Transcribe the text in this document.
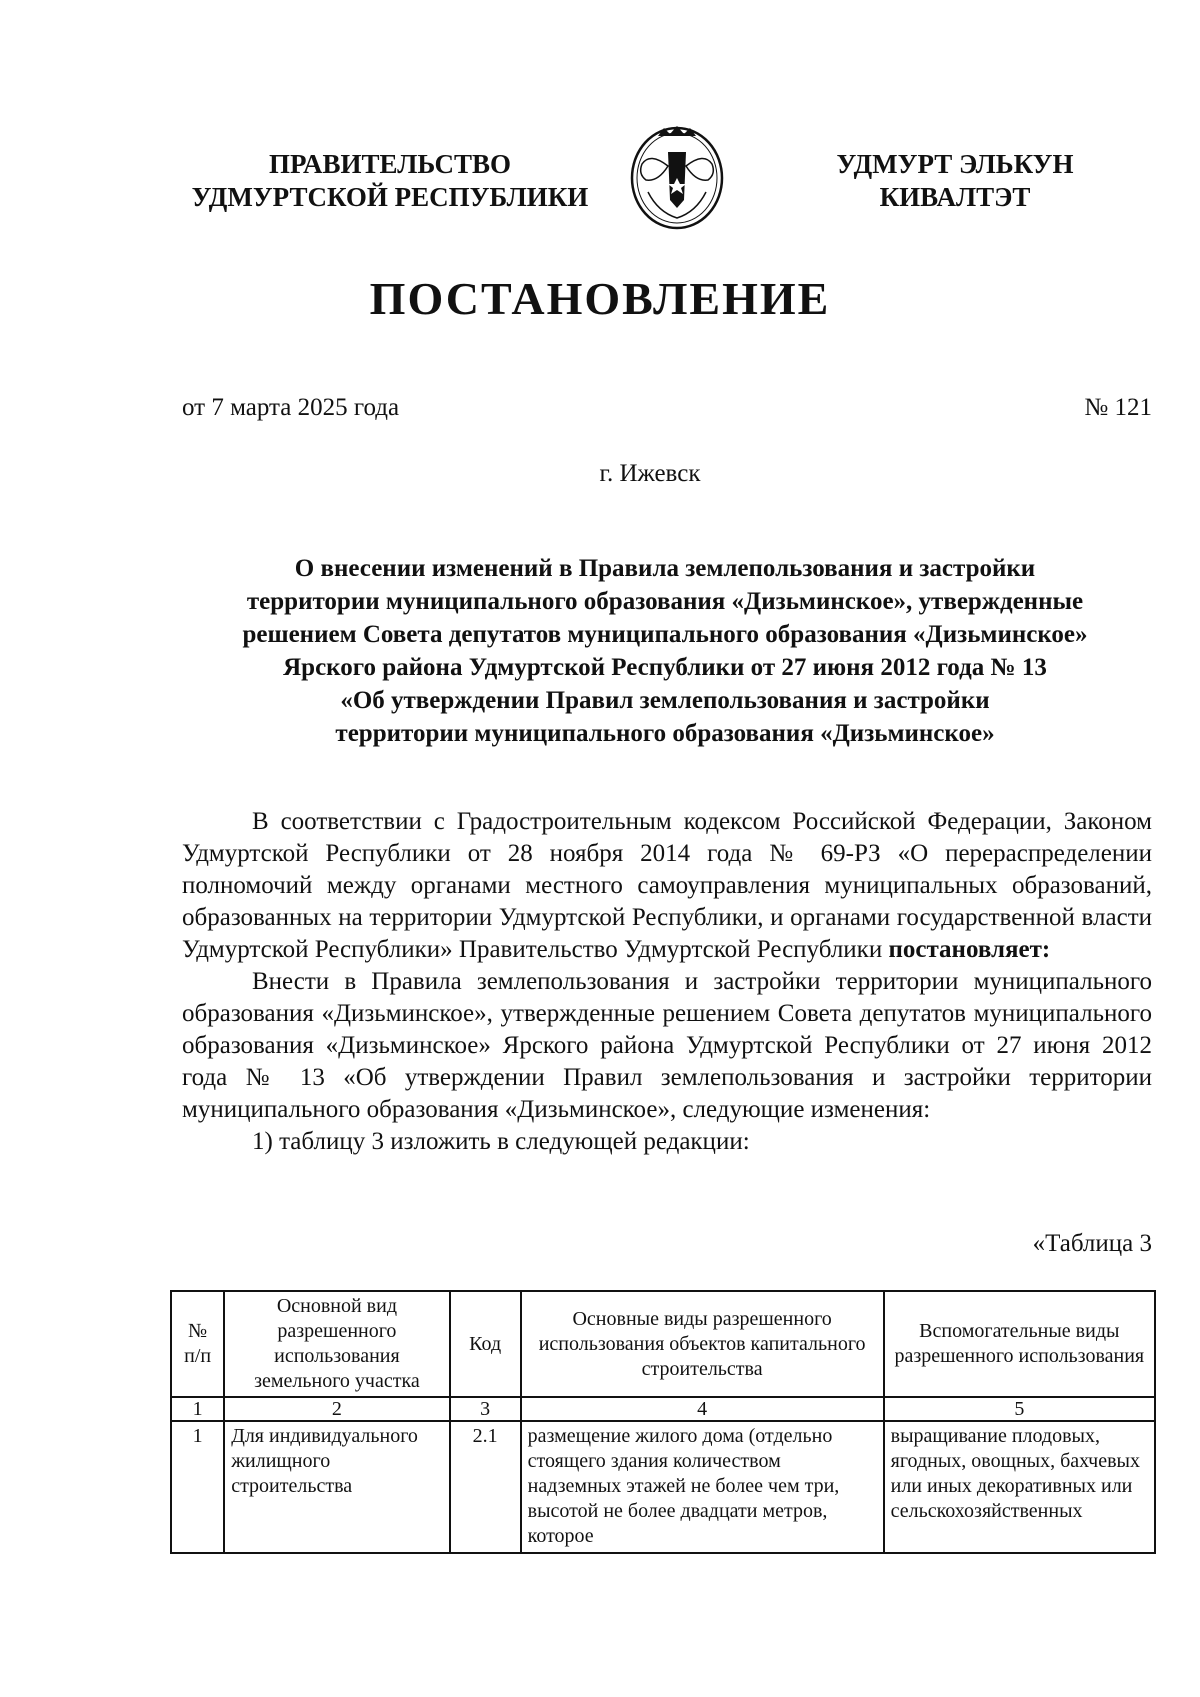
ПРАВИТЕЛЬСТВО
УДМУРТСКОЙ РЕСПУБЛИКИ
УДМУРТ ЭЛЬКУН
КИВАЛТЭТ
ПОСТАНОВЛЕНИЕ
от 7 марта 2025 года	№ 121
г. Ижевск
О внесении изменений в Правила землепользования и застройки
территории муниципального образования «Дизьминское», утвержденные
решением Совета депутатов муниципального образования «Дизьминское»
Ярского района Удмуртской Республики от 27 июня 2012 года № 13
«Об утверждении Правил землепользования и застройки
территории муниципального образования «Дизьминское»

В соответствии с Градостроительным кодексом Российской Федерации, Законом Удмуртской Республики от 28 ноября 2014 года № 69-РЗ «О перераспределении полномочий между органами местного самоуправления муниципальных образований, образованных на территории Удмуртской Республики, и органами государственной власти Удмуртской Республики» Правительство Удмуртской Республики постановляет:

Внести в Правила землепользования и застройки территории муниципального образования «Дизьминское», утвержденные решением Совета депутатов муниципального образования «Дизьминское» Ярского района Удмуртской Республики от 27 июня 2012 года № 13 «Об утверждении Правил землепользования и застройки территории муниципального образования «Дизьминское», следующие изменения:

1) таблицу 3 изложить в следующей редакции:

«Таблица 3
№ п/п	Основной вид разрешенного использования земельного участка	Код	Основные виды разрешенного использования объектов капитального строительства	Вспомогательные виды разрешенного использования
1	2	3	4	5
1	Для индивидуального жилищного строительства	2.1	размещение жилого дома (отдельно стоящего здания количеством надземных этажей не более чем три, высотой не более двадцати метров, которое	выращивание плодовых, ягодных, овощных, бахчевых или иных декоративных или сельскохозяйственных
